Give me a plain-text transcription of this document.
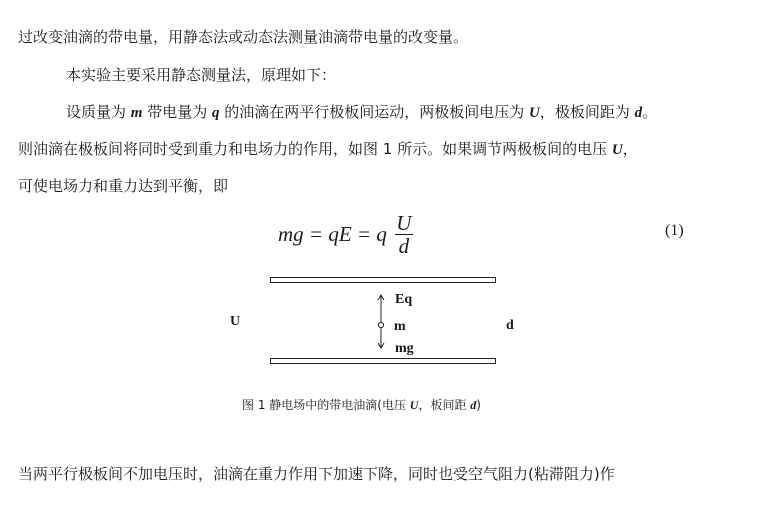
过改变油滴的带电量，用静态法或动态法测量油滴带电量的改变量。
本实验主要采用静态测量法，原理如下：
设质量为 m 带电量为 q 的油滴在两平行极板间运动，两极板间电压为 U，极板间距为 d。
则油滴在极板间将同时受到重力和电场力的作用，如图 1 所示。如果调节两极板间的电压 U，
可使电场力和重力达到平衡，即
mg = qE = q $\frac{U}{d}$	(1)
U	d
Eq
m
mg
图 1 静电场中的带电油滴(电压 U，板间距 d)
当两平行极板间不加电压时，油滴在重力作用下加速下降，同时也受空气阻力(粘滞阻力)作
